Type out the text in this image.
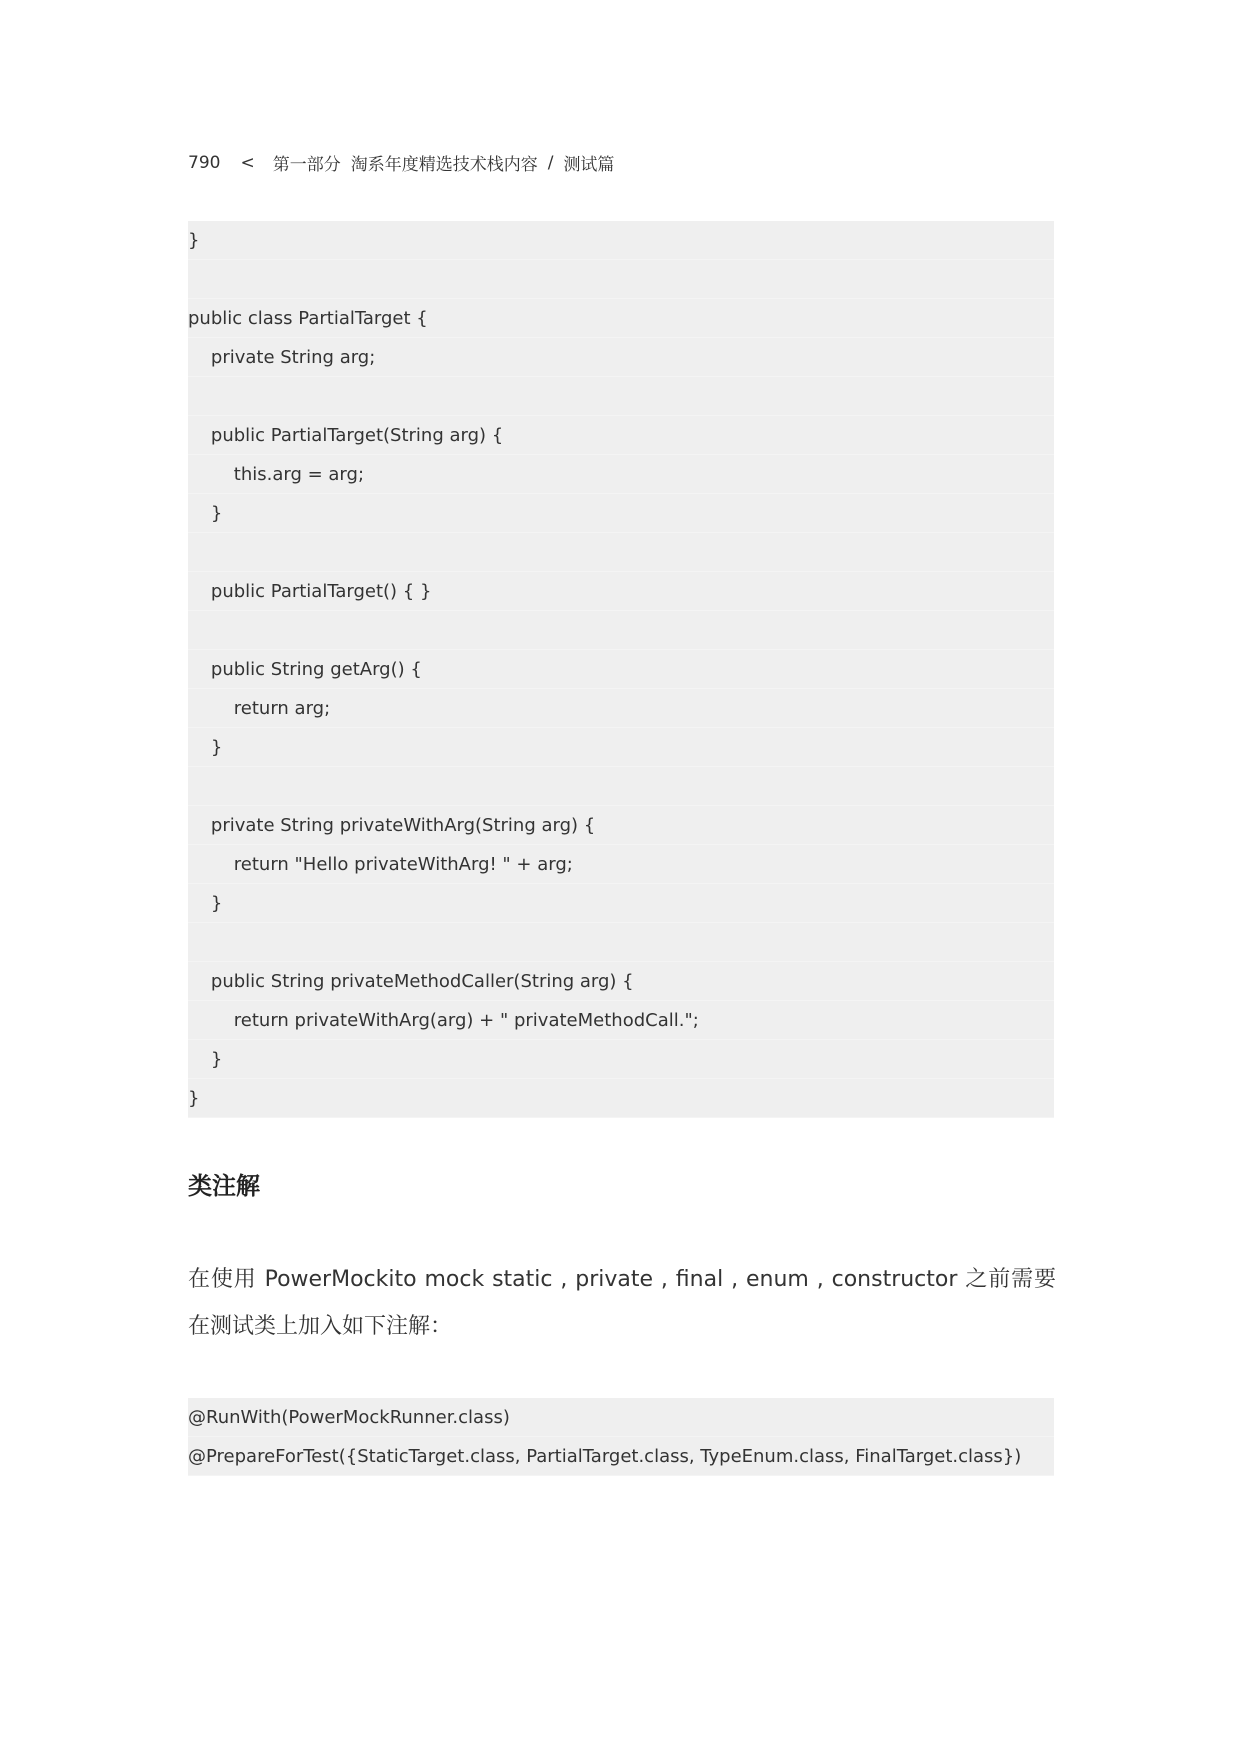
790 < 第一部分 淘系年度精选技术栈内容 / 测试篇
}
public class PartialTarget {
private String arg;
public PartialTarget(String arg) {
this.arg = arg;
}
public PartialTarget() { }
public String getArg() {
return arg;
}
private String privateWithArg(String arg) {
return "Hello privateWithArg! " + arg;
}
public String privateMethodCaller(String arg) {
return privateWithArg(arg) + " privateMethodCall.";
}
}
类注解

在使用 PowerMockito mock static , private , final , enum , constructor 之前需要在测试类上加入如下注解：

@RunWith(PowerMockRunner.class)
@PrepareForTest({StaticTarget.class, PartialTarget.class, TypeEnum.class, FinalTarget.class})
